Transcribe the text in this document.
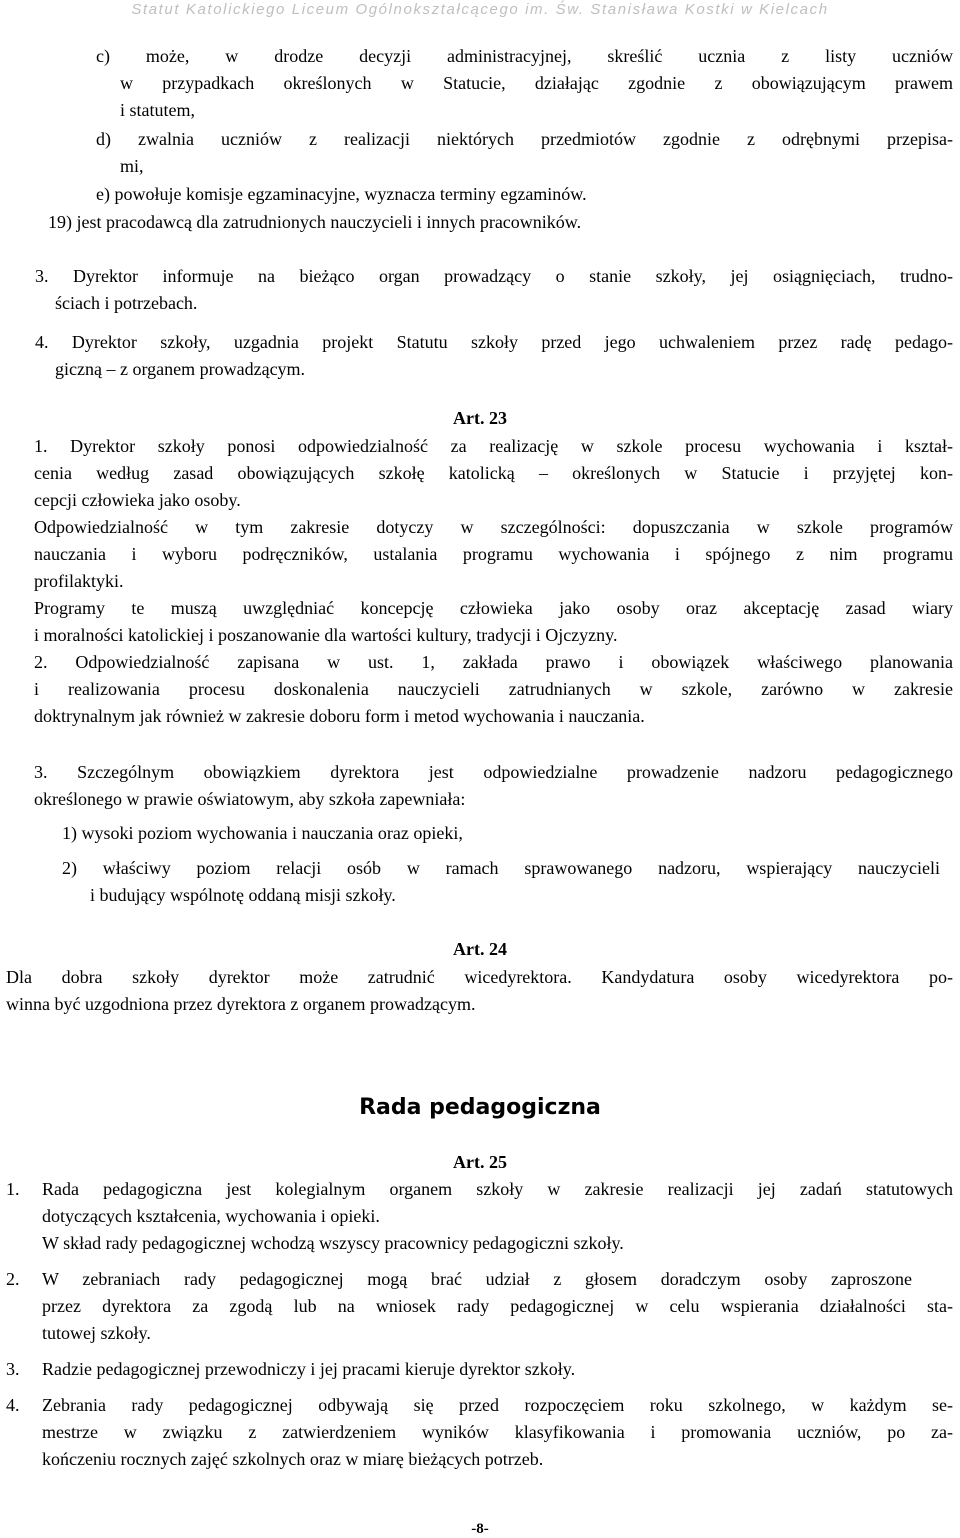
Statut Katolickiego Liceum Ogólnokształcącego im. Św. Stanisława Kostki w Kielcach
c) może, w drodze decyzji administracyjnej, skreślić ucznia z listy uczniów
w przypadkach określonych w Statucie, działając zgodnie z obowiązującym prawem
i statutem,
d) zwalnia uczniów z realizacji niektórych przedmiotów zgodnie z odrębnymi przepisa-
mi,
e) powołuje komisje egzaminacyjne, wyznacza terminy egzaminów.
19) jest pracodawcą dla zatrudnionych nauczycieli i innych pracowników.
3. Dyrektor informuje na bieżąco organ prowadzący o stanie szkoły, jej osiągnięciach, trudno-
ściach i potrzebach.
4. Dyrektor szkoły, uzgadnia projekt Statutu szkoły przed jego uchwaleniem przez radę pedago-
giczną – z organem prowadzącym.
Art. 23
1. Dyrektor szkoły ponosi odpowiedzialność za realizację w szkole procesu wychowania i kształ-
cenia według zasad obowiązujących szkołę katolicką – określonych w Statucie i przyjętej kon-
cepcji człowieka jako osoby.
Odpowiedzialność w tym zakresie dotyczy w szczególności: dopuszczania w szkole programów
nauczania i wyboru podręczników, ustalania programu wychowania i spójnego z nim programu
profilaktyki.
Programy te muszą uwzględniać koncepcję człowieka jako osoby oraz akceptację zasad wiary
i moralności katolickiej i poszanowanie dla wartości kultury, tradycji i Ojczyzny.
2. Odpowiedzialność zapisana w ust. 1, zakłada prawo i obowiązek właściwego planowania
i realizowania procesu doskonalenia nauczycieli zatrudnianych w szkole, zarówno w zakresie
doktrynalnym jak również w zakresie doboru form i metod wychowania i nauczania.
3. Szczególnym obowiązkiem dyrektora jest odpowiedzialne prowadzenie nadzoru pedagogicznego
określonego w prawie oświatowym, aby szkoła zapewniała:
1) wysoki poziom wychowania i nauczania oraz opieki,
2) właściwy poziom relacji osób w ramach sprawowanego nadzoru, wspierający nauczycieli
i budujący wspólnotę oddaną misji szkoły.
Art. 24
Dla dobra szkoły dyrektor może zatrudnić wicedyrektora. Kandydatura osoby wicedyrektora po-
winna być uzgodniona przez dyrektora z organem prowadzącym.
Rada pedagogiczna
Art. 25
1. Rada pedagogiczna jest kolegialnym organem szkoły w zakresie realizacji jej zadań statutowych
dotyczących kształcenia, wychowania i opieki.
W skład rady pedagogicznej wchodzą wszyscy pracownicy pedagogiczni szkoły.
2. W zebraniach rady pedagogicznej mogą brać udział z głosem doradczym osoby zaproszone
przez dyrektora za zgodą lub na wniosek rady pedagogicznej w celu wspierania działalności sta-
tutowej szkoły.
3. Radzie pedagogicznej przewodniczy i jej pracami kieruje dyrektor szkoły.
4. Zebrania rady pedagogicznej odbywają się przed rozpoczęciem roku szkolnego, w każdym se-
mestrze w związku z zatwierdzeniem wyników klasyfikowania i promowania uczniów, po za-
kończeniu rocznych zajęć szkolnych oraz w miarę bieżących potrzeb.
-8-
